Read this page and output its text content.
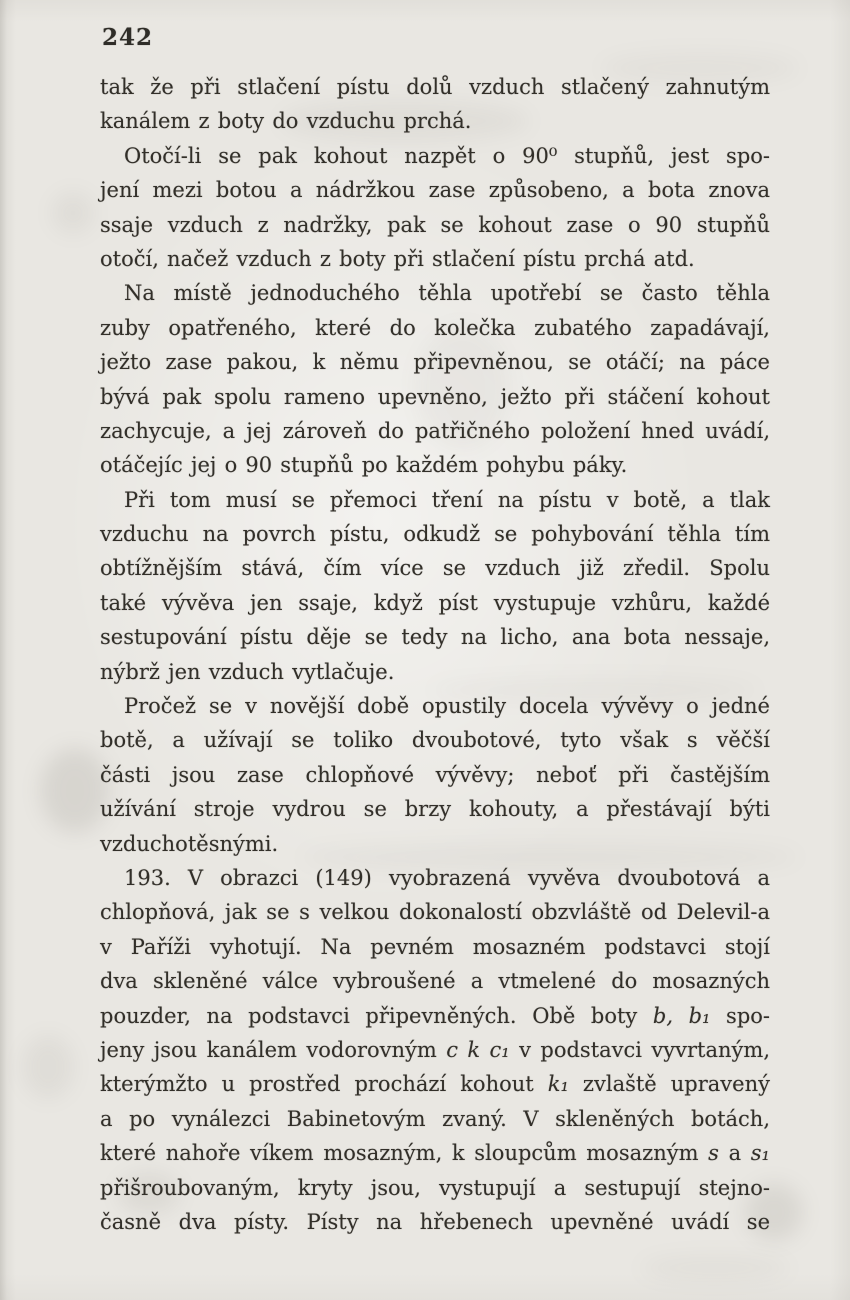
242
tak že při stlačení pístu dolů vzduch stlačený zahnutým
kanálem z boty do vzduchu prchá.
Otočí-li se pak kohout nazpět o 90⁰ stupňů, jest spo-
jení mezi botou a nádržkou zase způsobeno, a bota znova
ssaje vzduch z nadržky, pak se kohout zase o 90 stupňů
otočí, načež vzduch z boty při stlačení pístu prchá atd.
Na místě jednoduchého těhla upotřebí se často těhla
zuby opatřeného, které do kolečka zubatého zapadávají,
ježto zase pakou, k němu připevněnou, se otáčí; na páce
bývá pak spolu rameno upevněno, ježto při stáčení kohout
zachycuje, a jej zároveň do patřičného položení hned uvádí,
otáčejíc jej o 90 stupňů po každém pohybu páky.
Při tom musí se přemoci tření na pístu v botě, a tlak
vzduchu na povrch pístu, odkudž se pohybování těhla tím
obtížnějším stává, čím více se vzduch již zředil. Spolu
také vývěva jen ssaje, když píst vystupuje vzhůru, každé
sestupování pístu děje se tedy na licho, ana bota nessaje,
nýbrž jen vzduch vytlačuje.
Pročež se v novější době opustily docela vývěvy o jedné
botě, a užívají se toliko dvoubotové, tyto však s věčší
části jsou zase chlopňové vývěvy; neboť při častějším
užívání stroje vydrou se brzy kohouty, a přestávají býti
vzduchotěsnými.
193. V obrazci (149) vyobrazená vyvěva dvoubotová a
chlopňová, jak se s velkou dokonalostí obzvláště od Delevil-a
v Paříži vyhotují. Na pevném mosazném podstavci stojí
dva skleněné válce vybroušené a vtmelené do mosazných
pouzder, na podstavci připevněných. Obě boty b, b₁ spo-
jeny jsou kanálem vodorovným c k c₁ v podstavci vyvrtaným,
kterýmžto u prostřed prochází kohout k₁ zvlaště upravený
a po vynálezci Babinetovým zvaný. V skleněných botách,
které nahoře víkem mosazným, k sloupcům mosazným s a s₁
přišroubovaným, kryty jsou, vystupují a sestupují stejno-
časně dva písty. Písty na hřebenech upevněné uvádí se
